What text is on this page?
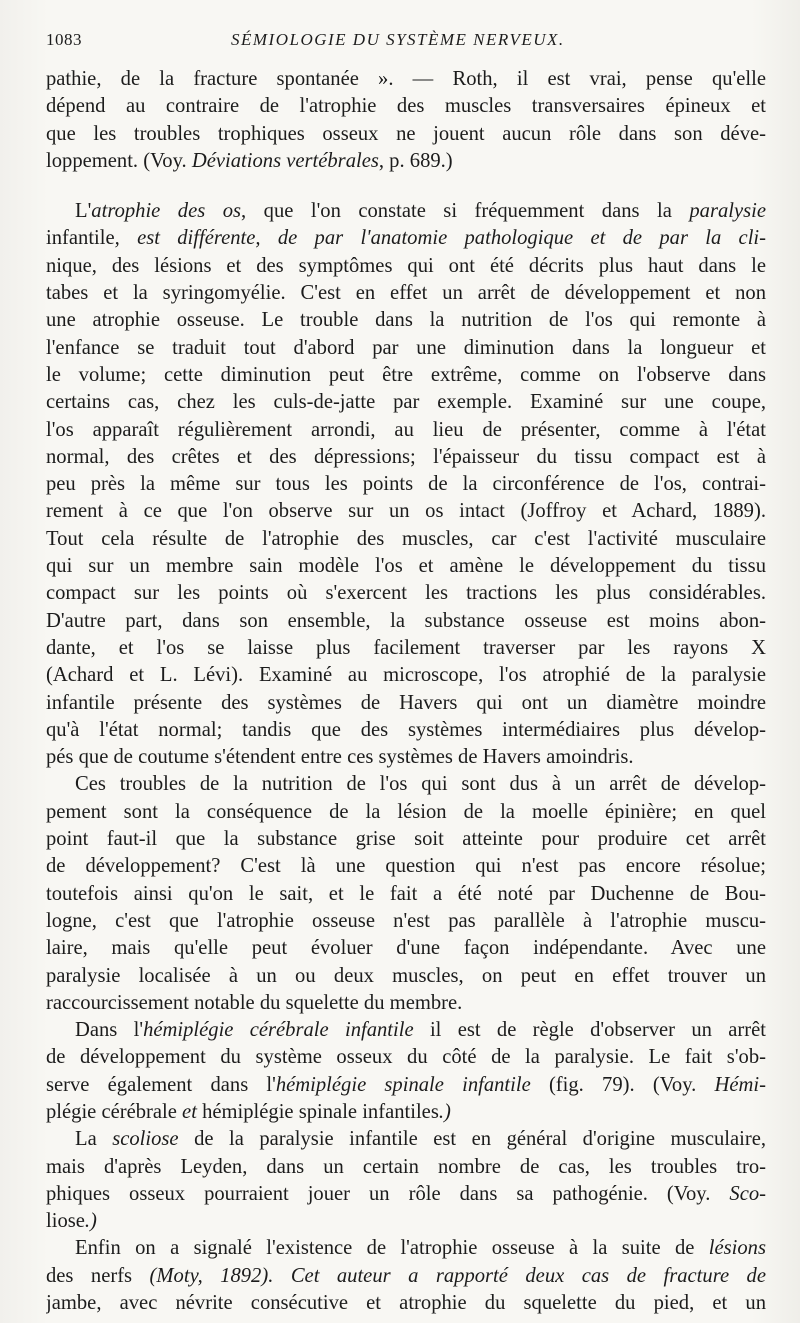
1083	SÉMIOLOGIE DU SYSTÈME NERVEUX.
pathie, de la fracture spontanée ». — Roth, il est vrai, pense qu'elle
dépend au contraire de l'atrophie des muscles transversaires épineux et
que les troubles trophiques osseux ne jouent aucun rôle dans son déve-
loppement. (Voy. Déviations vertébrales, p. 689.)
L'atrophie des os, que l'on constate si fréquemment dans la paralysie
infantile, est différente, de par l'anatomie pathologique et de par la cli-
nique, des lésions et des symptômes qui ont été décrits plus haut dans le
tabes et la syringomyélie. C'est en effet un arrêt de développement et non
une atrophie osseuse. Le trouble dans la nutrition de l'os qui remonte à
l'enfance se traduit tout d'abord par une diminution dans la longueur et
le volume; cette diminution peut être extrême, comme on l'observe dans
certains cas, chez les culs-de-jatte par exemple. Examiné sur une coupe,
l'os apparaît régulièrement arrondi, au lieu de présenter, comme à l'état
normal, des crêtes et des dépressions; l'épaisseur du tissu compact est à
peu près la même sur tous les points de la circonférence de l'os, contrai-
rement à ce que l'on observe sur un os intact (Joffroy et Achard, 1889).
Tout cela résulte de l'atrophie des muscles, car c'est l'activité musculaire
qui sur un membre sain modèle l'os et amène le développement du tissu
compact sur les points où s'exercent les tractions les plus considérables.
D'autre part, dans son ensemble, la substance osseuse est moins abon-
dante, et l'os se laisse plus facilement traverser par les rayons X
(Achard et L. Lévi). Examiné au microscope, l'os atrophié de la paralysie
infantile présente des systèmes de Havers qui ont un diamètre moindre
qu'à l'état normal; tandis que des systèmes intermédiaires plus dévelop-
pés que de coutume s'étendent entre ces systèmes de Havers amoindris.
Ces troubles de la nutrition de l'os qui sont dus à un arrêt de dévelop-
pement sont la conséquence de la lésion de la moelle épinière; en quel
point faut-il que la substance grise soit atteinte pour produire cet arrêt
de développement? C'est là une question qui n'est pas encore résolue;
toutefois ainsi qu'on le sait, et le fait a été noté par Duchenne de Bou-
logne, c'est que l'atrophie osseuse n'est pas parallèle à l'atrophie muscu-
laire, mais qu'elle peut évoluer d'une façon indépendante. Avec une
paralysie localisée à un ou deux muscles, on peut en effet trouver un
raccourcissement notable du squelette du membre.
Dans l'hémiplégie cérébrale infantile il est de règle d'observer un arrêt
de développement du système osseux du côté de la paralysie. Le fait s'ob-
serve également dans l'hémiplégie spinale infantile (fig. 79). (Voy. Hémi-
plégie cérébrale et hémiplégie spinale infantiles.)
La scoliose de la paralysie infantile est en général d'origine musculaire,
mais d'après Leyden, dans un certain nombre de cas, les troubles tro-
phiques osseux pourraient jouer un rôle dans sa pathogénie. (Voy. Sco-
liose.)
Enfin on a signalé l'existence de l'atrophie osseuse à la suite de lésions
des nerfs (Moty, 1892). Cet auteur a rapporté deux cas de fracture de
jambe, avec névrite consécutive et atrophie du squelette du pied, et un
